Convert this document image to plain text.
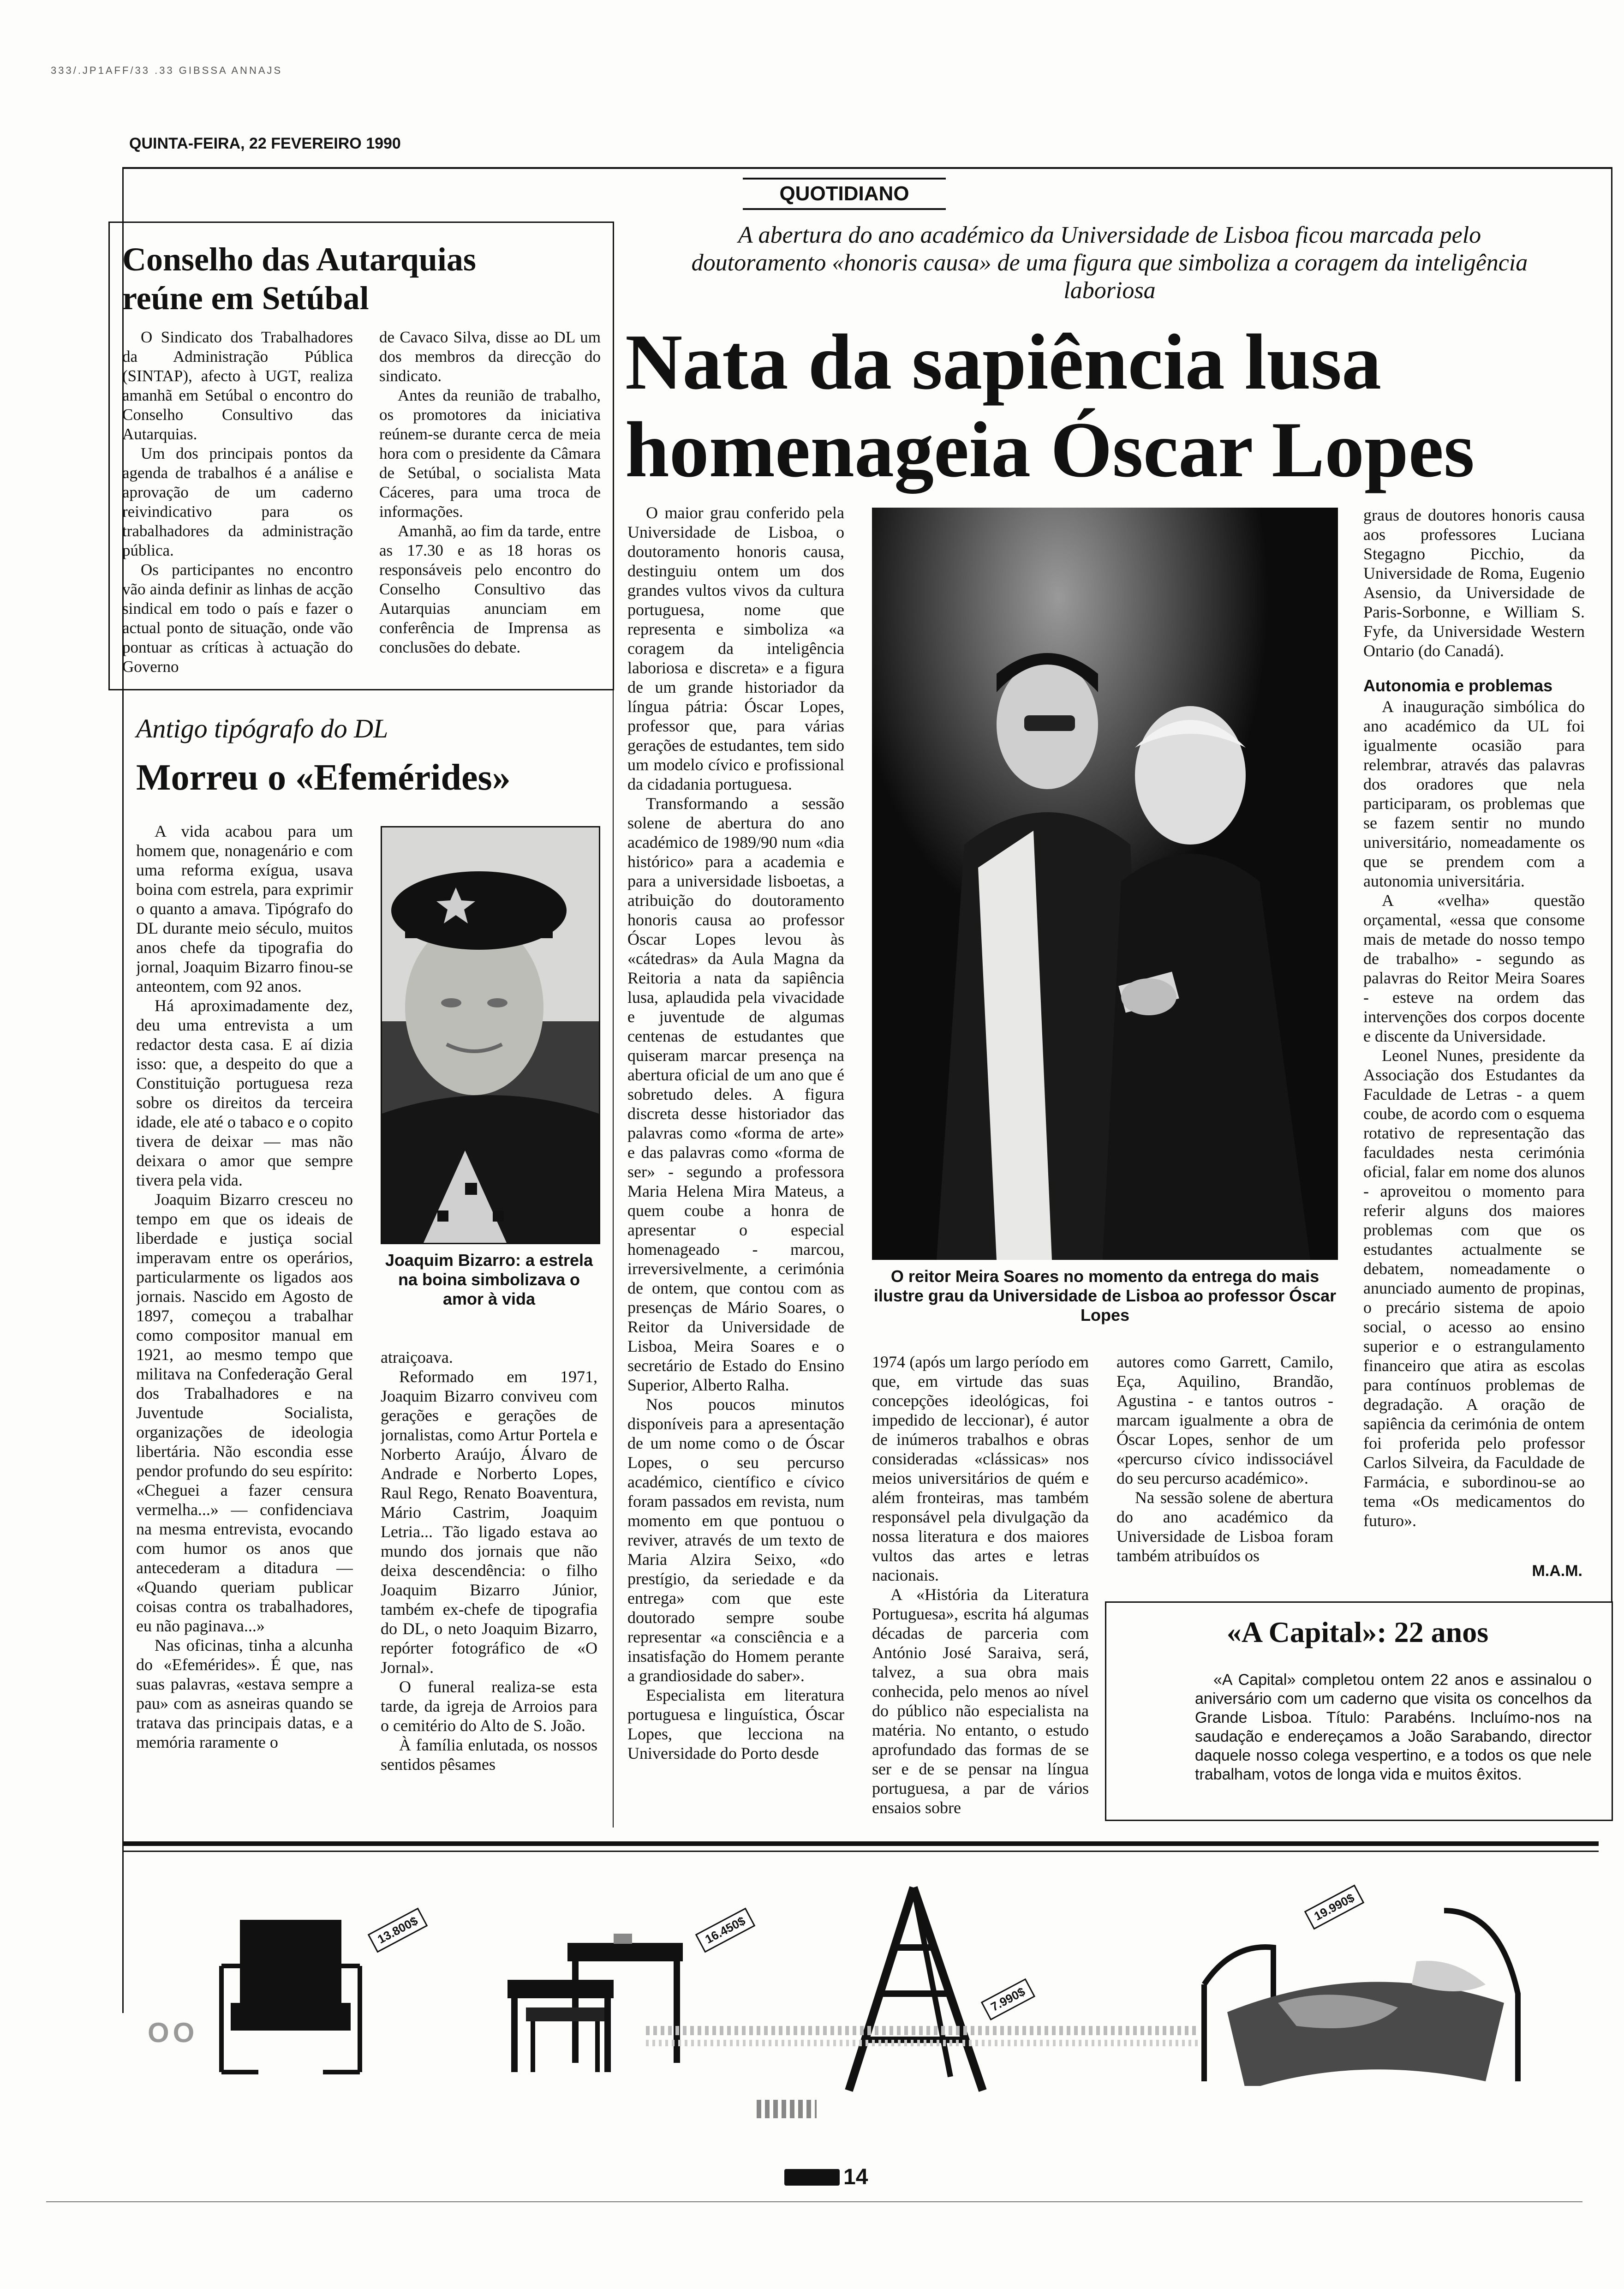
333/.JP1AFF/33 .33 GIBSSA ANNAJS
QUINTA-FEIRA, 22 FEVEREIRO 1990
QUOTIDIANO
Conselho das Autarquias
reúne em Setúbal

O Sindicato dos Trabalhadores da Administração Pública (SINTAP), afecto à UGT, realiza amanhã em Setúbal o encontro do Conselho Consultivo das Autarquias.

Um dos principais pontos da agenda de trabalhos é a análise e aprovação de um caderno reivindicativo para os trabalhadores da administração pública.

Os participantes no encontro vão ainda definir as linhas de acção sindical em todo o país e fazer o actual ponto de situação, onde vão pontuar as críticas à actuação do Governo

de Cavaco Silva, disse ao DL um dos membros da direcção do sindicato.

Antes da reunião de trabalho, os promotores da iniciativa reúnem-se durante cerca de meia hora com o presidente da Câmara de Setúbal, o socialista Mata Cáceres, para uma troca de informações.

Amanhã, ao fim da tarde, entre as 17.30 e as 18 horas os responsáveis pelo encontro do Conselho Consultivo das Autarquias anunciam em conferência de Imprensa as conclusões do debate.

Antigo tipógrafo do DL
Morreu o «Efemérides»

A vida acabou para um homem que, nonagenário e com uma reforma exígua, usava boina com estrela, para exprimir o quanto a amava. Tipógrafo do DL durante meio século, muitos anos chefe da tipografia do jornal, Joaquim Bizarro finou-se anteontem, com 92 anos.

Há aproximadamente dez, deu uma entrevista a um redactor desta casa. E aí dizia isso: que, a despeito do que a Constituição portuguesa reza sobre os direitos da terceira idade, ele até o tabaco e o copito tivera de deixar — mas não deixara o amor que sempre tivera pela vida.

Joaquim Bizarro cresceu no tempo em que os ideais de liberdade e justiça social imperavam entre os operários, particularmente os ligados aos jornais. Nascido em Agosto de 1897, começou a trabalhar como compositor manual em 1921, ao mesmo tempo que militava na Confederação Geral dos Trabalhadores e na Juventude Socialista, organizações de ideologia libertária. Não escondia esse pendor profundo do seu espírito: «Cheguei a fazer censura vermelha...» — confidenciava na mesma entrevista, evocando com humor os anos que antecederam a ditadura — «Quando queriam publicar coisas contra os trabalhadores, eu não paginava...»

Nas oficinas, tinha a alcunha do «Efemérides». É que, nas suas palavras, «estava sempre a pau» com as asneiras quando se tratava das principais datas, e a memória raramente o

Joaquim Bizarro: a estrela na boina simbolizava o amor à vida

atraiçoava.

Reformado em 1971, Joaquim Bizarro conviveu com gerações e gerações de jornalistas, como Artur Portela e Norberto Araújo, Álvaro de Andrade e Norberto Lopes, Raul Rego, Renato Boaventura, Mário Castrim, Joaquim Letria... Tão ligado estava ao mundo dos jornais que não deixa descendência: o filho Joaquim Bizarro Júnior, também ex-chefe de tipografia do DL, o neto Joaquim Bizarro, repórter fotográfico de «O Jornal».

O funeral realiza-se esta tarde, da igreja de Arroios para o cemitério do Alto de S. João.

À família enlutada, os nossos sentidos pêsames

A abertura do ano académico da Universidade de Lisboa ficou marcada pelo doutoramento «honoris causa» de uma figura que simboliza a coragem da inteligência laboriosa
Nata da sapiência lusa
homenageia Óscar Lopes

O maior grau conferido pela Universidade de Lisboa, o doutoramento honoris causa, destinguiu ontem um dos grandes vultos vivos da cultura portuguesa, nome que representa e simboliza «a coragem da inteligência laboriosa e discreta» e a figura de um grande historiador da língua pátria: Óscar Lopes, professor que, para várias gerações de estudantes, tem sido um modelo cívico e profissional da cidadania portuguesa.

Transformando a sessão solene de abertura do ano académico de 1989/90 num «dia histórico» para a academia e para a universidade lisboetas, a atribuição do doutoramento honoris causa ao professor Óscar Lopes levou às «cátedras» da Aula Magna da Reitoria a nata da sapiência lusa, aplaudida pela vivacidade e juventude de algumas centenas de estudantes que quiseram marcar presença na abertura oficial de um ano que é sobretudo deles. A figura discreta desse historiador das palavras como «forma de arte» e das palavras como «forma de ser» - segundo a professora Maria Helena Mira Mateus, a quem coube a honra de apresentar o especial homenageado - marcou, irreversivelmente, a cerimónia de ontem, que contou com as presenças de Mário Soares, o Reitor da Universidade de Lisboa, Meira Soares e o secretário de Estado do Ensino Superior, Alberto Ralha.

Nos poucos minutos disponíveis para a apresentação de um nome como o de Óscar Lopes, o seu percurso académico, científico e cívico foram passados em revista, num momento em que pontuou o reviver, através de um texto de Maria Alzira Seixo, «do prestígio, da seriedade e da entrega» com que este doutorado sempre soube representar «a consciência e a insatisfação do Homem perante a grandiosidade do saber».

Especialista em literatura portuguesa e linguística, Óscar Lopes, que lecciona na Universidade do Porto desde

O reitor Meira Soares no momento da entrega do mais ilustre grau da Universidade de Lisboa ao professor Óscar Lopes

1974 (após um largo período em que, em virtude das suas concepções ideológicas, foi impedido de leccionar), é autor de inúmeros trabalhos e obras consideradas «clássicas» nos meios universitários de quém e além fronteiras, mas também responsável pela divulgação da nossa literatura e dos maiores vultos das artes e letras nacionais.

A «História da Literatura Portuguesa», escrita há algumas décadas de parceria com António José Saraiva, será, talvez, a sua obra mais conhecida, pelo menos ao nível do público não especialista na matéria. No entanto, o estudo aprofundado das formas de se ser e de se pensar na língua portuguesa, a par de vários ensaios sobre

autores como Garrett, Camilo, Eça, Aquilino, Brandão, Agustina - e tantos outros - marcam igualmente a obra de Óscar Lopes, senhor de um «percurso cívico indissociável do seu percurso académico».

Na sessão solene de abertura do ano académico da Universidade de Lisboa foram também atribuídos os

graus de doutores honoris causa aos professores Luciana Stegagno Picchio, da Universidade de Roma, Eugenio Asensio, da Universidade de Paris-Sorbonne, e William S. Fyfe, da Universidade Western Ontario (do Canadá).

Autonomia e problemas

A inauguração simbólica do ano académico da UL foi igualmente ocasião para relembrar, através das palavras dos oradores que nela participaram, os problemas que se fazem sentir no mundo universitário, nomeadamente os que se prendem com a autonomia universitária.

A «velha» questão orçamental, «essa que consome mais de metade do nosso tempo de trabalho» - segundo as palavras do Reitor Meira Soares - esteve na ordem das intervenções dos corpos docente e discente da Universidade.

Leonel Nunes, presidente da Associação dos Estudantes da Faculdade de Letras - a quem coube, de acordo com o esquema rotativo de representação das faculdades nesta cerimónia oficial, falar em nome dos alunos - aproveitou o momento para referir alguns dos maiores problemas com que os estudantes actualmente se debatem, nomeadamente o anunciado aumento de propinas, o precário sistema de apoio social, o acesso ao ensino superior e o estrangulamento financeiro que atira as escolas para contínuos problemas de degradação. A oração de sapiência da cerimónia de ontem foi proferida pelo professor Carlos Silveira, da Faculdade de Farmácia, e subordinou-se ao tema «Os medicamentos do futuro».

M.A.M.
«A Capital»: 22 anos

«A Capital» completou ontem 22 anos e assinalou o aniversário com um caderno que visita os concelhos da Grande Lisboa. Título: Parabéns. Incluímo-nos na saudação e endereçamos a João Sarabando, director daquele nosso colega vespertino, e a todos os que nele trabalham, votos de longa vida e muitos êxitos.

13.800$
OO
16.450$
7.990$
19.990$
14
